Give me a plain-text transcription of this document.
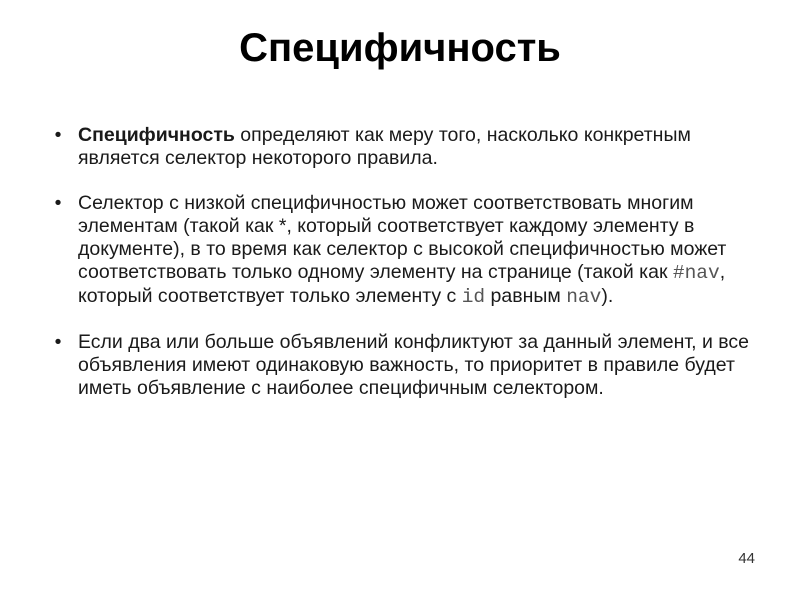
Специфичность
• Специфичность определяют как меру того, насколько конкретным является селектор некоторого правила.
• Селектор с низкой специфичностью может соответствовать многим элементам (такой как *, который соответствует каждому элементу в документе), в то время как селектор с высокой специфичностью может соответствовать только одному элементу на странице (такой как #nav, который соответствует только элементу с id равным nav).
• Если два или больше объявлений конфликтуют за данный элемент, и все объявления имеют одинаковую важность, то приоритет в правиле будет иметь объявление с наиболее специфичным селектором.
44
